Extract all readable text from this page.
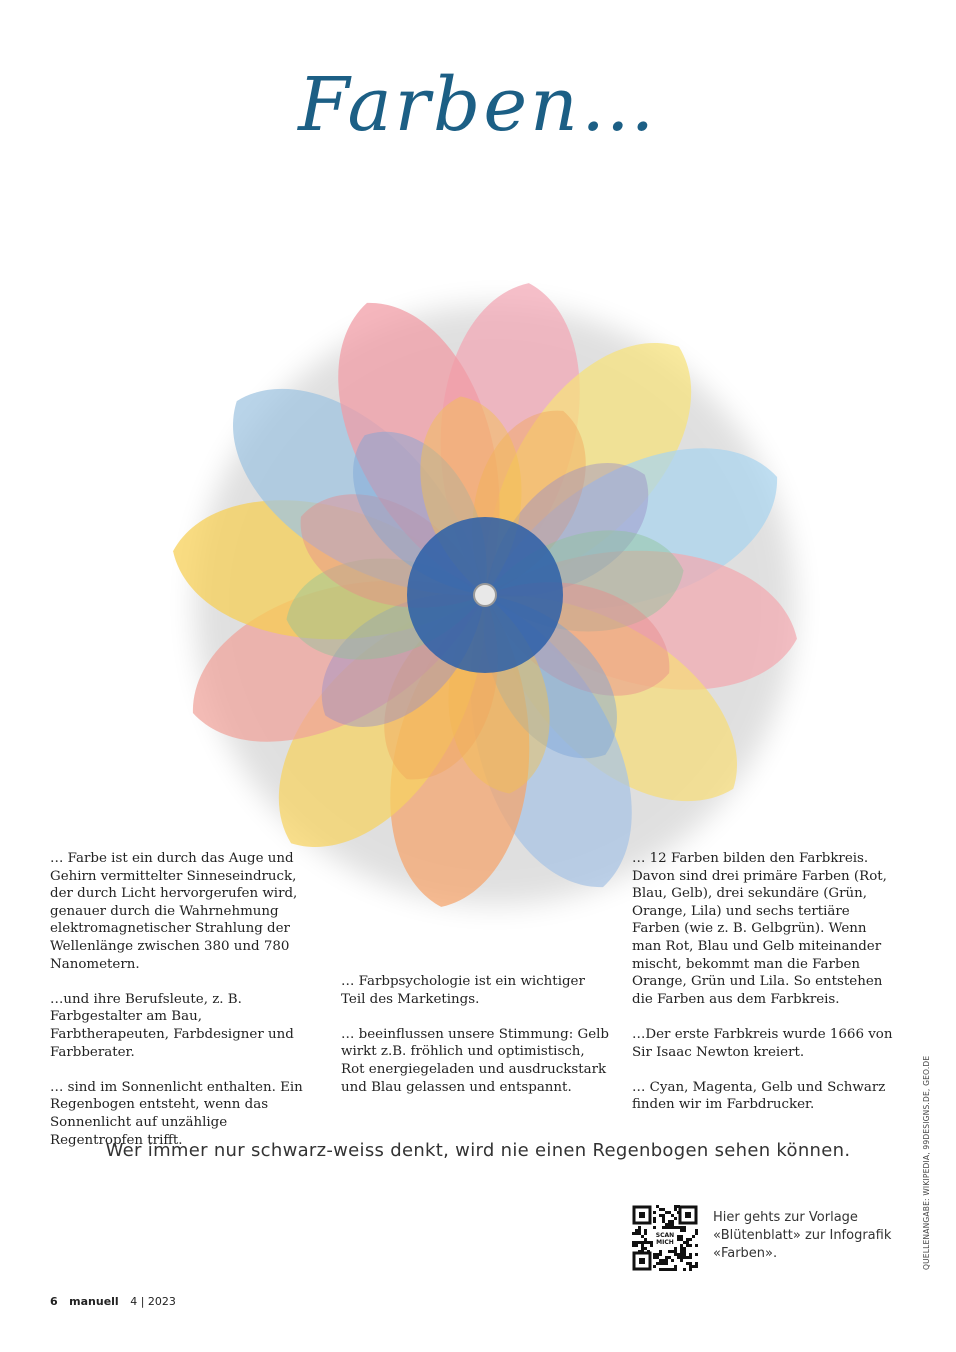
Farben…

… Farbe ist ein durch das Auge und Gehirn vermittelter Sinneseindruck, der durch Licht hervorgerufen wird, genauer durch die Wahrnehmung elektromagnetischer Strahlung der Wellenlänge zwischen 380 und 780 Nanometern.

…und ihre Berufsleute, z. B. Farbgestalter am Bau, Farbtherapeuten, Farbdesigner und Farbberater.

… sind im Sonnenlicht enthalten. Ein Regenbogen entsteht, wenn das Sonnenlicht auf unzählige Regentropfen trifft.

… Farbpsychologie ist ein wichtiger Teil des Marketings.

… beeinflussen unsere Stimmung: Gelb wirkt z.B. fröhlich und optimistisch, Rot energiegeladen und ausdruckstark und Blau gelassen und entspannt.

… 12 Farben bilden den Farbkreis. Davon sind drei primäre Farben (Rot, Blau, Gelb), drei sekundäre (Grün, Orange, Lila) und sechs tertiäre Farben (wie z. B. Gelbgrün). Wenn man Rot, Blau und Gelb miteinander mischt, bekommt man die Farben Orange, Grün und Lila. So entstehen die Farben aus dem Farbkreis.

…Der erste Farbkreis wurde 1666 von Sir Isaac Newton kreiert.

… Cyan, Magenta, Gelb und Schwarz finden wir im Farbdrucker.

Wer immer nur schwarz-weiss denkt, wird nie einen Regenbogen sehen können.
SCAN
MICH
Hier gehts zur Vorlage «Blütenblatt» zur Infografik «Farben».	QUELLENANGABE: WIKIPEDIA, 99DESIGNS.DE, GEO.DE
6 manuell 4 | 2023
